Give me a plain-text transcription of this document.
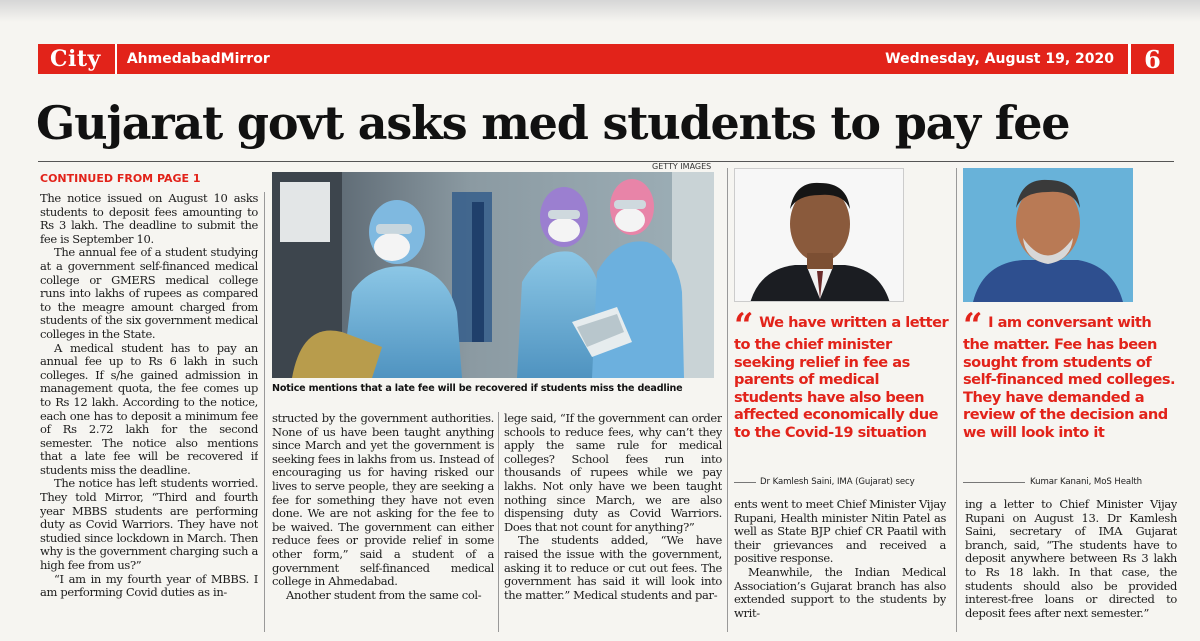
City	AhmedabadMirror	Wednesday, August 19, 2020	6
Gujarat govt asks med students to pay fee
GETTY IMAGES
CONTINUED FROM PAGE 1

The notice issued on August 10 asks students to deposit fees amounting to Rs 3 lakh. The deadline to submit the fee is September 10.

The annual fee of a student studying at a government self-financed medical college or GMERS medical college runs into lakhs of rupees as compared to the meagre amount charged from students of the six government medical colleges in the State.

A medical student has to pay an annual fee up to Rs 6 lakh in such colleges. If s/he gained admission in management quota, the fee comes up to Rs 12 lakh. According to the notice, each one has to deposit a minimum fee of Rs 2.72 lakh for the second semester. The notice also mentions that a late fee will be recovered if students miss the deadline.

The notice has left students worried. They told Mirror, “Third and fourth year MBBS students are performing duty as Covid Warriors. They have not studied since lockdown in March. Then why is the government charging such a high fee from us?”

“I am in my fourth year of MBBS. I am performing Covid duties as in-

Notice mentions that a late fee will be recovered if students miss the deadline

structed by the government authorities. None of us have been taught anything since March and yet the government is seeking fees in lakhs from us. Instead of encouraging us for having risked our lives to serve people, they are seeking a fee for something they have not even done. We are not asking for the fee to be waived. The government can either reduce fees or provide relief in some other form,” said a student of a government self-financed medical college in Ahmedabad.

Another student from the same col-

lege said, “If the government can order schools to reduce fees, why can’t they apply the same rule for medical colleges? School fees run into thousands of rupees while we pay lakhs. Not only have we been taught nothing since March, we are also dispensing duty as Covid Warriors. Does that not count for anything?”

The students added, “We have raised the issue with the government, asking it to reduce or cut out fees. The government has said it will look into the matter.” Medical students and par-

“ We have written a letter to the chief minister seeking relief in fee as parents of medical students have also been affected economically due to the Covid-19 situation
Dr Kamlesh Saini, IMA (Gujarat) secy
“ I am conversant with the matter. Fee has been sought from students of self-financed med colleges. They have demanded a review of the decision and we will look into it
Kumar Kanani, MoS Health

ents went to meet Chief Minister Vijay Rupani, Health minister Nitin Patel as well as State BJP chief CR Paatil with their grievances and received a positive response.

Meanwhile, the Indian Medical Association’s Gujarat branch has also extended support to the students by writ-

ing a letter to Chief Minister Vijay Rupani on August 13. Dr Kamlesh Saini, secretary of IMA Gujarat branch, said, “The students have to deposit anywhere between Rs 3 lakh to Rs 18 lakh. In that case, the students should also be provided interest-free loans or directed to deposit fees after next semester.”
